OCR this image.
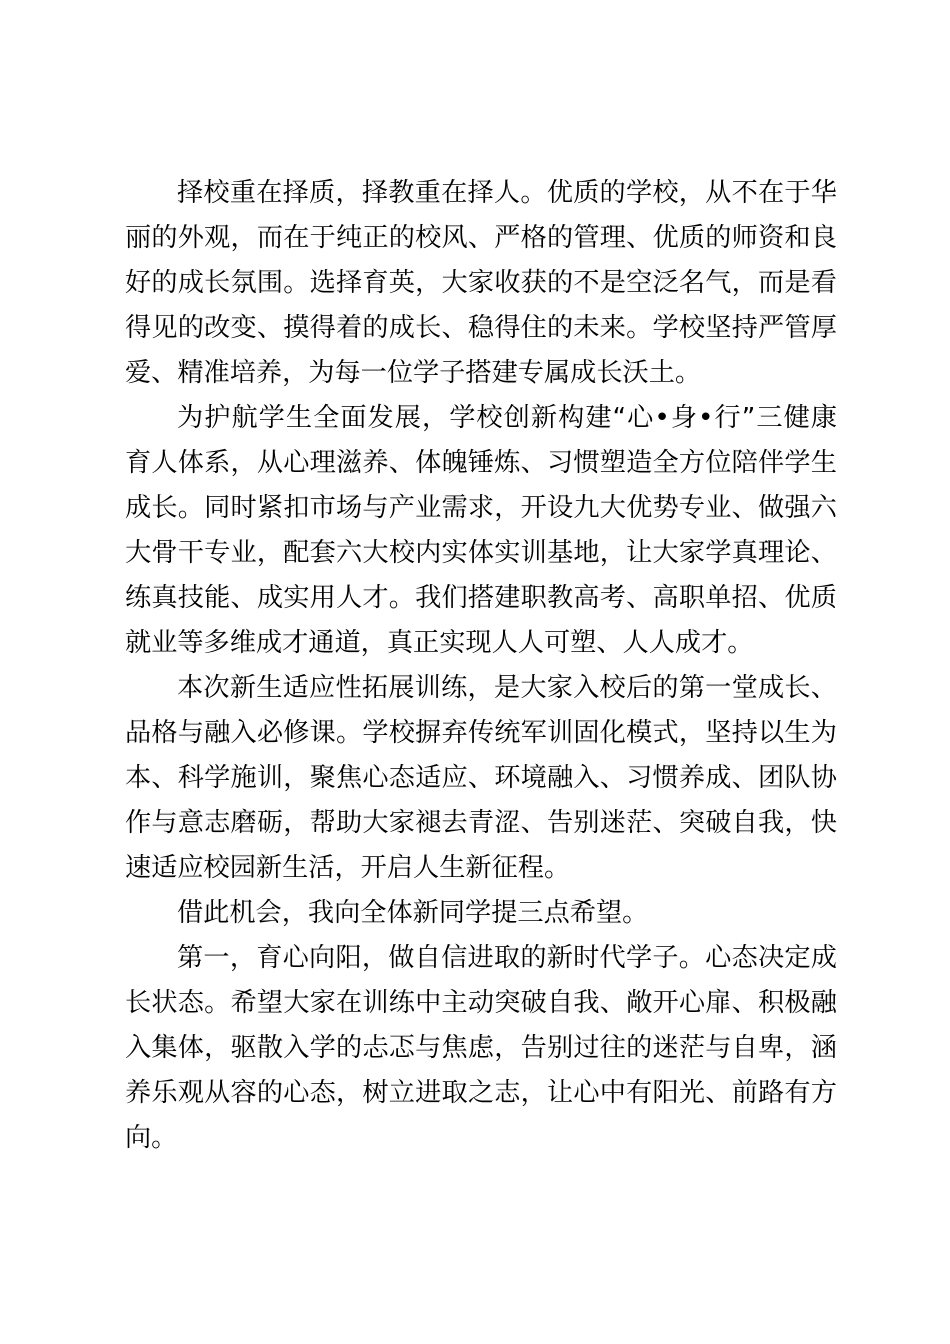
择校重在择质，择教重在择人。优质的学校，从不在于华丽的外观，而在于纯正的校风、严格的管理、优质的师资和良好的成长氛围。选择育英，大家收获的不是空泛名气，而是看得见的改变、摸得着的成长、稳得住的未来。学校坚持严管厚爱、精准培养，为每一位学子搭建专属成长沃土。

为护航学生全面发展，学校创新构建“心•身•行”三健康育人体系，从心理滋养、体魄锤炼、习惯塑造全方位陪伴学生成长。同时紧扣市场与产业需求，开设九大优势专业、做强六大骨干专业，配套六大校内实体实训基地，让大家学真理论、练真技能、成实用人才。我们搭建职教高考、高职单招、优质就业等多维成才通道，真正实现人人可塑、人人成才。

本次新生适应性拓展训练，是大家入校后的第一堂成长、品格与融入必修课。学校摒弃传统军训固化模式，坚持以生为本、科学施训，聚焦心态适应、环境融入、习惯养成、团队协作与意志磨砺，帮助大家褪去青涩、告别迷茫、突破自我，快速适应校园新生活，开启人生新征程。

借此机会，我向全体新同学提三点希望。

第一，育心向阳，做自信进取的新时代学子。心态决定成长状态。希望大家在训练中主动突破自我、敞开心扉、积极融入集体，驱散入学的忐忑与焦虑，告别过往的迷茫与自卑，涵养乐观从容的心态，树立进取之志，让心中有阳光、前路有方向。
